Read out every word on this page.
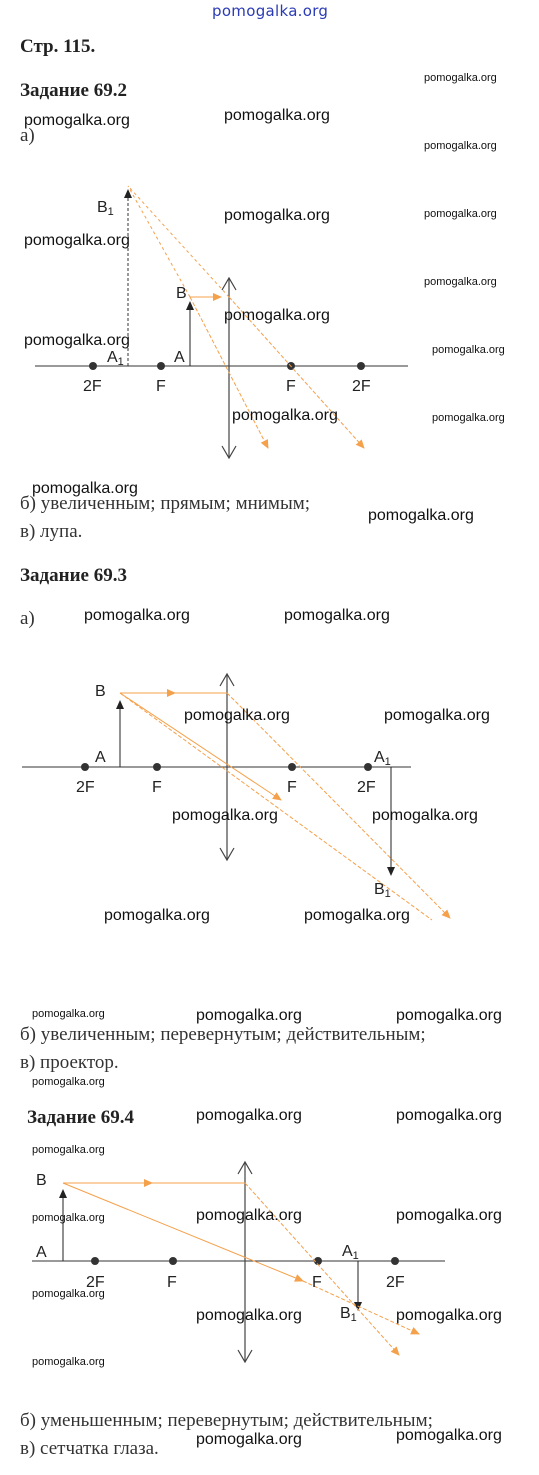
pomogalka.org
Стр. 115.
Задание 69.2
а)
B1
B
A1	A
2F	F	F	2F
б) увеличенным; прямым; мнимым;
в) лупа.
Задание 69.3
а)
B
A	A1
B1
2F	F	F	2F
б) увеличенным; перевернутым; действительным;
в) проектор.
Задание 69.4
B
A	A1
B1
2F	F	F	2F
б) уменьшенным; перевернутым; действительным;
в) сетчатка глаза.
pomogalka.org
pomogalka.org	pomogalka.org
pomogalka.org
pomogalka.org	pomogalka.org
pomogalka.org
pomogalka.org
pomogalka.org
pomogalka.org
pomogalka.org
pomogalka.org	pomogalka.org
pomogalka.org
pomogalka.org
pomogalka.org	pomogalka.org
pomogalka.org	pomogalka.org
pomogalka.org	pomogalka.org
pomogalka.org	pomogalka.org
pomogalka.org	pomogalka.org	pomogalka.org
pomogalka.org
pomogalka.org	pomogalka.org
pomogalka.org
pomogalka.org	pomogalka.org	pomogalka.org
pomogalka.org
pomogalka.org	pomogalka.org
pomogalka.org
pomogalka.org	pomogalka.org
